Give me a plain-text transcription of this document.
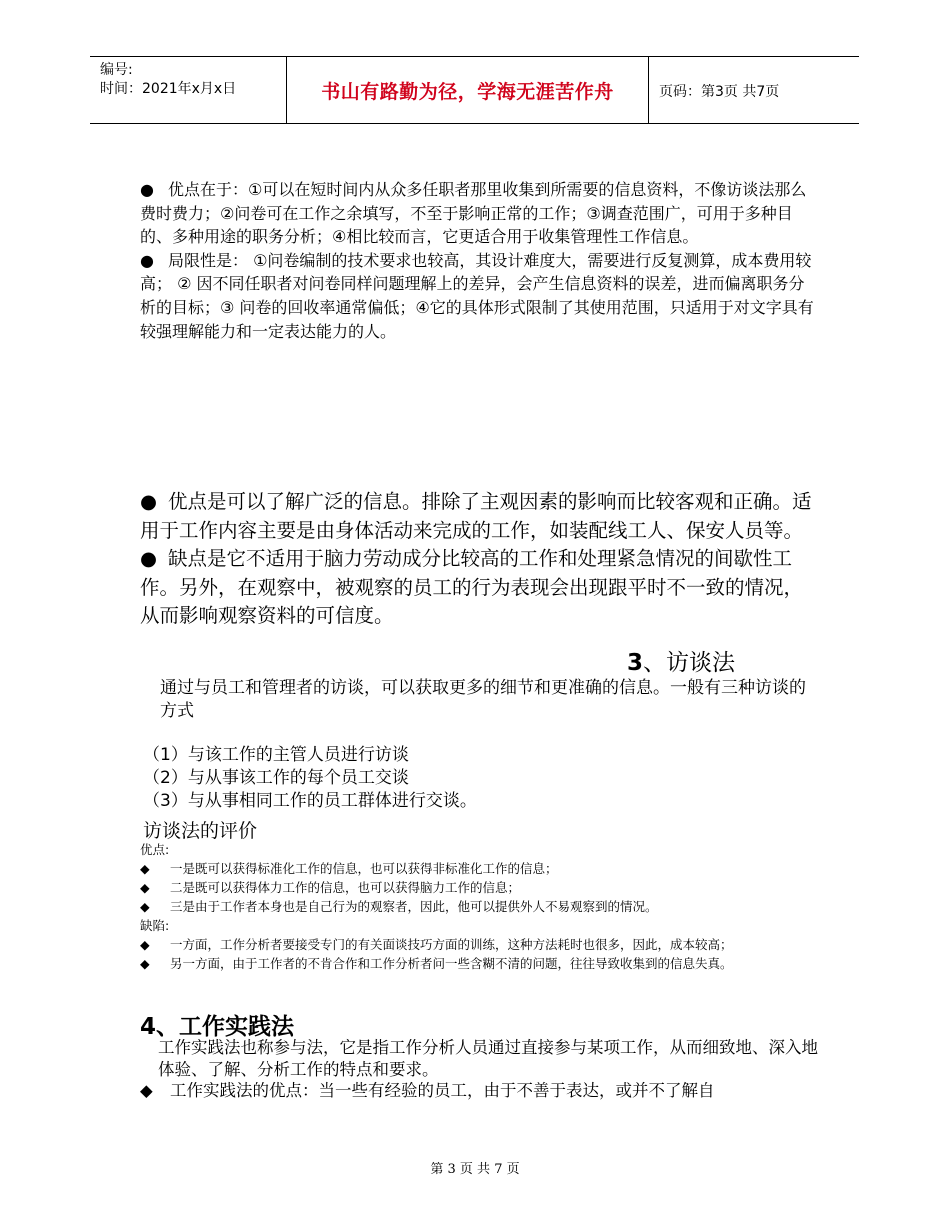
编号:
时间：2021年x月x日	书山有路勤为径，学海无涯苦作舟	页码：第3页 共7页
● 优点在于：①可以在短时间内从众多任职者那里收集到所需要的信息资料，不像访谈法那么费时费力；②问卷可在工作之余填写，不至于影响正常的工作；③调查范围广，可用于多种目的、多种用途的职务分析；④相比较而言，它更适合用于收集管理性工作信息。
● 局限性是： ①问卷编制的技术要求也较高，其设计难度大，需要进行反复测算，成本费用较高； ② 因不同任职者对问卷同样问题理解上的差异，会产生信息资料的误差，进而偏离职务分析的目标；③ 问卷的回收率通常偏低；④它的具体形式限制了其使用范围，只适用于对文字具有较强理解能力和一定表达能力的人。
● 优点是可以了解广泛的信息。排除了主观因素的影响而比较客观和正确。适用于工作内容主要是由身体活动来完成的工作，如装配线工人、保安人员等。
● 缺点是它不适用于脑力劳动成分比较高的工作和处理紧急情况的间歇性工作。另外，在观察中，被观察的员工的行为表现会出现跟平时不一致的情况，从而影响观察资料的可信度。
3、访谈法
通过与员工和管理者的访谈，可以获取更多的细节和更准确的信息。一般有三种访谈的方式
（1）与该工作的主管人员进行访谈
（2）与从事该工作的每个员工交谈
（3）与从事相同工作的员工群体进行交谈。
访谈法的评价
优点:
◆ 一是既可以获得标准化工作的信息，也可以获得非标准化工作的信息；
◆ 二是既可以获得体力工作的信息，也可以获得脑力工作的信息；
◆ 三是由于工作者本身也是自己行为的观察者，因此，他可以提供外人不易观察到的情况。
缺陷:
◆ 一方面，工作分析者要接受专门的有关面谈技巧方面的训练，这种方法耗时也很多，因此，成本较高；
◆ 另一方面，由于工作者的不肯合作和工作分析者问一些含糊不清的问题，往往导致收集到的信息失真。
4、工作实践法
工作实践法也称参与法，它是指工作分析人员通过直接参与某项工作，从而细致地、深入地体验、了解、分析工作的特点和要求。
◆ 工作实践法的优点：当一些有经验的员工，由于不善于表达，或并不了解自
第 3 页 共 7 页
